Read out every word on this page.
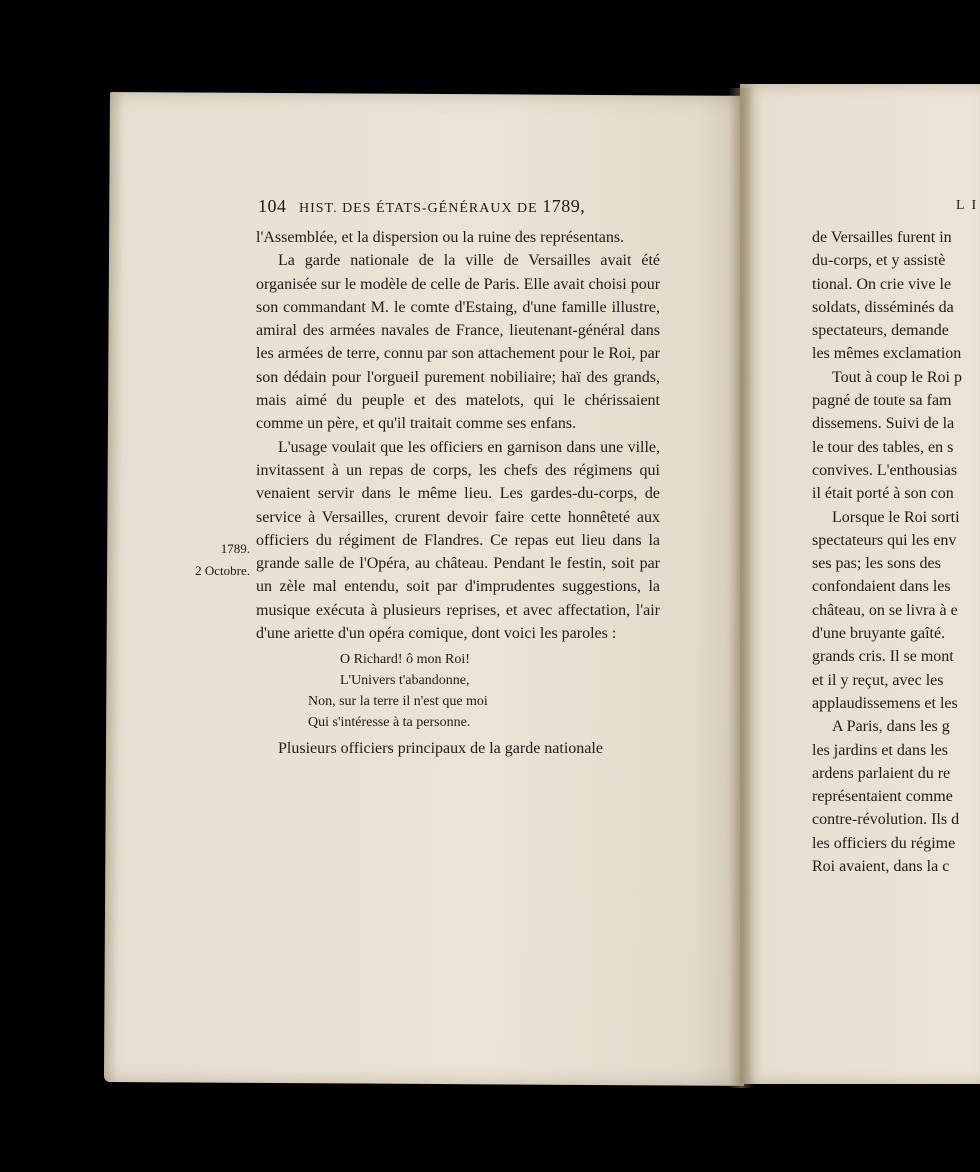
104 HIST. DES ÉTATS-GÉNÉRAUX DE 1789,
1789.
2 Octobre.

l'Assemblée, et la dispersion ou la ruine des représentans.

La garde nationale de la ville de Versailles avait été organisée sur le modèle de celle de Paris. Elle avait choisi pour son commandant M. le comte d'Estaing, d'une famille illustre, amiral des armées navales de France, lieutenant-général dans les armées de terre, connu par son attachement pour le Roi, par son dédain pour l'orgueil purement nobiliaire; haï des grands, mais aimé du peuple et des matelots, qui le chérissaient comme un père, et qu'il traitait comme ses enfans.

L'usage voulait que les officiers en garnison dans une ville, invitassent à un repas de corps, les chefs des régimens qui venaient servir dans le même lieu. Les gardes-du-corps, de service à Versailles, crurent devoir faire cette honnêteté aux officiers du régiment de Flandres. Ce repas eut lieu dans la grande salle de l'Opéra, au château. Pendant le festin, soit par un zèle mal entendu, soit par d'imprudentes suggestions, la musique exécuta à plusieurs reprises, et avec affectation, l'air d'une ariette d'un opéra comique, dont voici les paroles :

O Richard! ô mon Roi!
L'Univers t'abandonne,
Non, sur la terre il n'est que moi
Qui s'intéresse à ta personne.

Plusieurs officiers principaux de la garde nationale

L I
de Versailles furent in
du-corps, et y assistè
tional. On crie vive le
soldats, disséminés da
spectateurs, demande
les mêmes exclamation
Tout à coup le Roi p
pagné de toute sa fam
dissemens. Suivi de la
le tour des tables, en s
convives. L'enthousias
il était porté à son con
Lorsque le Roi sorti
spectateurs qui les env
ses pas; les sons des
confondaient dans les
château, on se livra à e
d'une bruyante gaîté.
grands cris. Il se mont
et il y reçut, avec les
applaudissemens et les
A Paris, dans les g
les jardins et dans les
ardens parlaient du re
représentaient comme
contre-révolution. Ils d
les officiers du régime
Roi avaient, dans la c
